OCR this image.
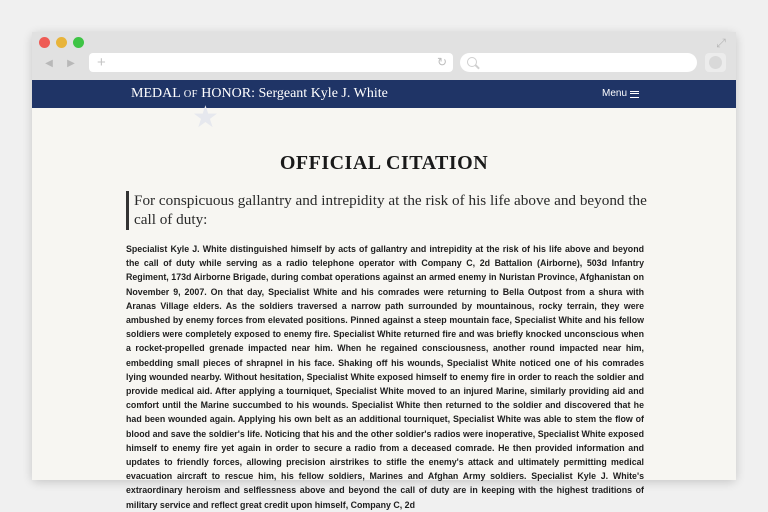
⤢
◀ ▶ +	↻
MEDAL OF HONOR: Sergeant Kyle J. White	Menu
★
OFFICIAL CITATION
For conspicuous gallantry and intrepidity at the risk of his life above and beyond the call of duty:

Specialist Kyle J. White distinguished himself by acts of gallantry and intrepidity at the risk of his life above and beyond the call of duty while serving as a radio telephone operator with Company C, 2d Battalion (Airborne), 503d Infantry Regiment, 173d Airborne Brigade, during combat operations against an armed enemy in Nuristan Province, Afghanistan on November 9, 2007. On that day, Specialist White and his comrades were returning to Bella Outpost from a shura with Aranas Village elders. As the soldiers traversed a narrow path surrounded by mountainous, rocky terrain, they were ambushed by enemy forces from elevated positions. Pinned against a steep mountain face, Specialist White and his fellow soldiers were completely exposed to enemy fire. Specialist White returned fire and was briefly knocked unconscious when a rocket-propelled grenade impacted near him. When he regained consciousness, another round impacted near him, embedding small pieces of shrapnel in his face. Shaking off his wounds, Specialist White noticed one of his comrades lying wounded nearby. Without hesitation, Specialist White exposed himself to enemy fire in order to reach the soldier and provide medical aid. After applying a tourniquet, Specialist White moved to an injured Marine, similarly providing aid and comfort until the Marine succumbed to his wounds. Specialist White then returned to the soldier and discovered that he had been wounded again. Applying his own belt as an additional tourniquet, Specialist White was able to stem the flow of blood and save the soldier's life. Noticing that his and the other soldier's radios were inoperative, Specialist White exposed himself to enemy fire yet again in order to secure a radio from a deceased comrade. He then provided information and updates to friendly forces, allowing precision airstrikes to stifle the enemy's attack and ultimately permitting medical evacuation aircraft to rescue him, his fellow soldiers, Marines and Afghan Army soldiers. Specialist Kyle J. White's extraordinary heroism and selflessness above and beyond the call of duty are in keeping with the highest traditions of military service and reflect great credit upon himself, Company C, 2d
